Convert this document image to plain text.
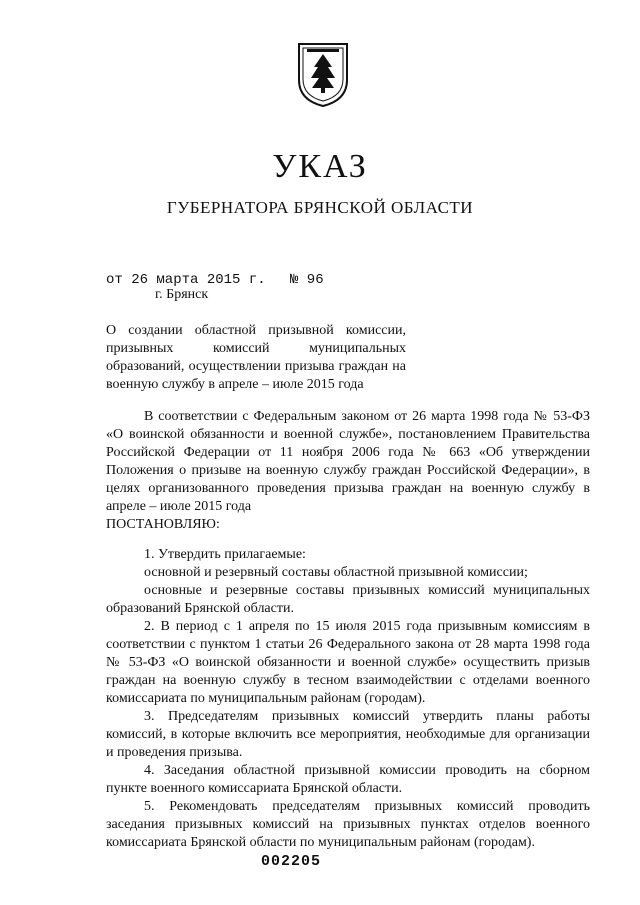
УКАЗ
ГУБЕРНАТОРА БРЯНСКОЙ ОБЛАСТИ
от 26 марта 2015 г. № 96
г. Брянск
О создании областной призывной комиссии, призывных комиссий муниципальных образований, осуществлении призыва граждан на военную службу в апреле – июле 2015 года

В соответствии с Федеральным законом от 26 марта 1998 года № 53-ФЗ «О воинской обязанности и военной службе», постановлением Правительства Российской Федерации от 11 ноября 2006 года № 663 «Об утверждении Положения о призыве на военную службу граждан Российской Федерации», в целях организованного проведения призыва граждан на военную службу в апреле – июле 2015 года

ПОСТАНОВЛЯЮ:

1. Утвердить прилагаемые:

основной и резервный составы областной призывной комиссии;

основные и резервные составы призывных комиссий муниципальных образований Брянской области.

2. В период с 1 апреля по 15 июля 2015 года призывным комиссиям в соответствии с пунктом 1 статьи 26 Федерального закона от 28 марта 1998 года № 53-ФЗ «О воинской обязанности и военной службе» осуществить призыв граждан на военную службу в тесном взаимодействии с отделами военного комиссариата по муниципальным районам (городам).

3. Председателям призывных комиссий утвердить планы работы комиссий, в которые включить все мероприятия, необходимые для организации и проведения призыва.

4. Заседания областной призывной комиссии проводить на сборном пункте военного комиссариата Брянской области.

5. Рекомендовать председателям призывных комиссий проводить заседания призывных комиссий на призывных пунктах отделов военного комиссариата Брянской области по муниципальным районам (городам).

002205
